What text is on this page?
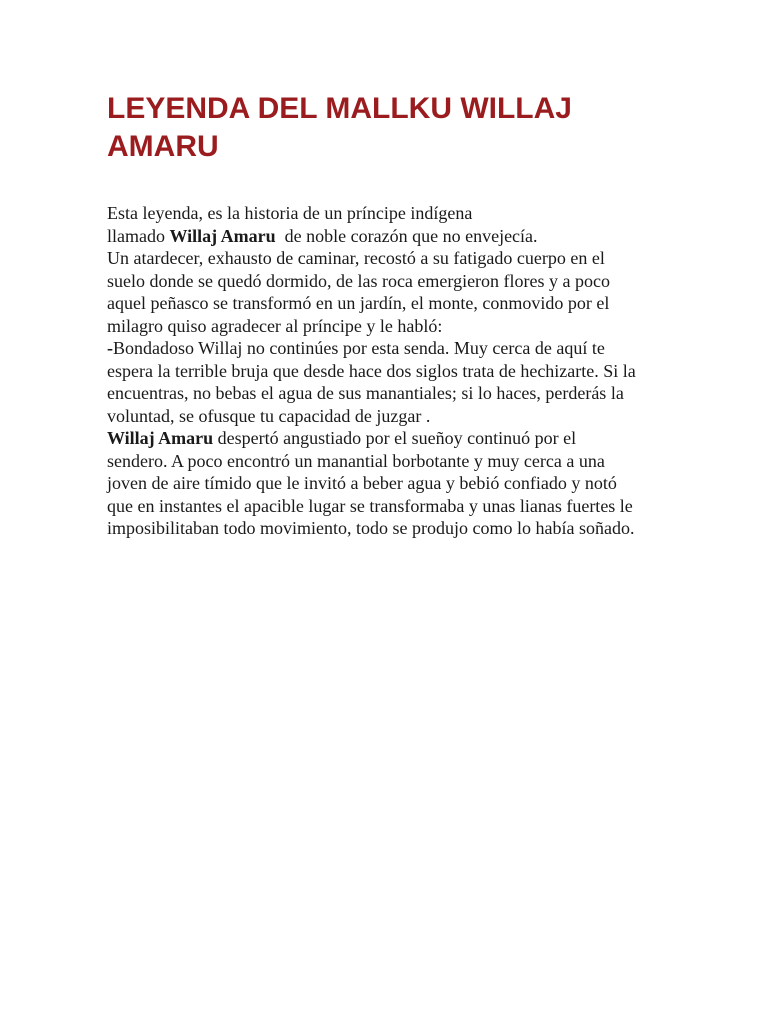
LEYENDA DEL MALLKU WILLAJ AMARU
Esta leyenda, es la historia de un príncipe indígena
llamado Willaj Amaru  de noble corazón que no envejecía.
Un atardecer, exhausto de caminar, recostó a su fatigado cuerpo en el
suelo donde se quedó dormido, de las roca emergieron flores y a poco
aquel peñasco se transformó en un jardín, el monte, conmovido por el
milagro quiso agradecer al príncipe y le habló:
-Bondadoso Willaj no continúes por esta senda. Muy cerca de aquí te
espera la terrible bruja que desde hace dos siglos trata de hechizarte. Si la
encuentras, no bebas el agua de sus manantiales; si lo haces, perderás la
voluntad, se ofusque tu capacidad de juzgar .
Willaj Amaru despertó angustiado por el sueñoy continuó por el
sendero. A poco encontró un manantial borbotante y muy cerca a una
joven de aire tímido que le invitó a beber agua y bebió confiado y notó
que en instantes el apacible lugar se transformaba y unas lianas fuertes le
imposibilitaban todo movimiento, todo se produjo como lo había soñado.
